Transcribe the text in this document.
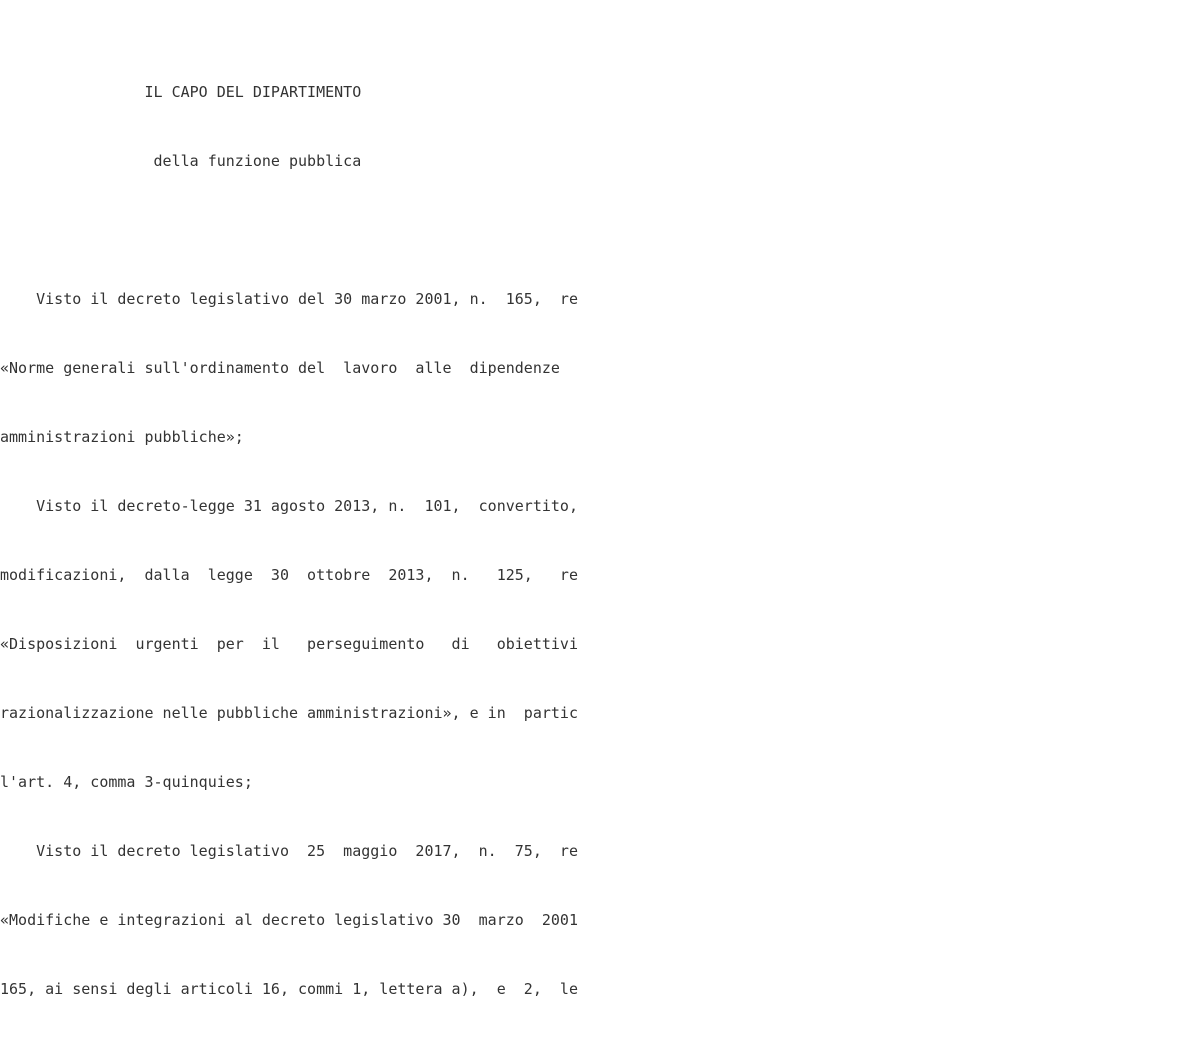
IL CAPO DEL DIPARTIMENTO

della funzione pubblica

Visto il decreto legislativo del 30 marzo 2001, n.  165,  re

«Norme generali sull'ordinamento del  lavoro  alle  dipendenze

amministrazioni pubbliche»;

Visto il decreto-legge 31 agosto 2013, n.  101,  convertito,

modificazioni,  dalla  legge  30  ottobre  2013,  n.   125,   re

«Disposizioni  urgenti  per  il   perseguimento   di   obiettivi

razionalizzazione nelle pubbliche amministrazioni», e in  partic

l'art. 4, comma 3-quinquies;

Visto il decreto legislativo  25  maggio  2017,  n.  75,  re

«Modifiche e integrazioni al decreto legislativo 30  marzo  2001

165, ai sensi degli articoli 16, commi 1, lettera a),  e  2,  le
